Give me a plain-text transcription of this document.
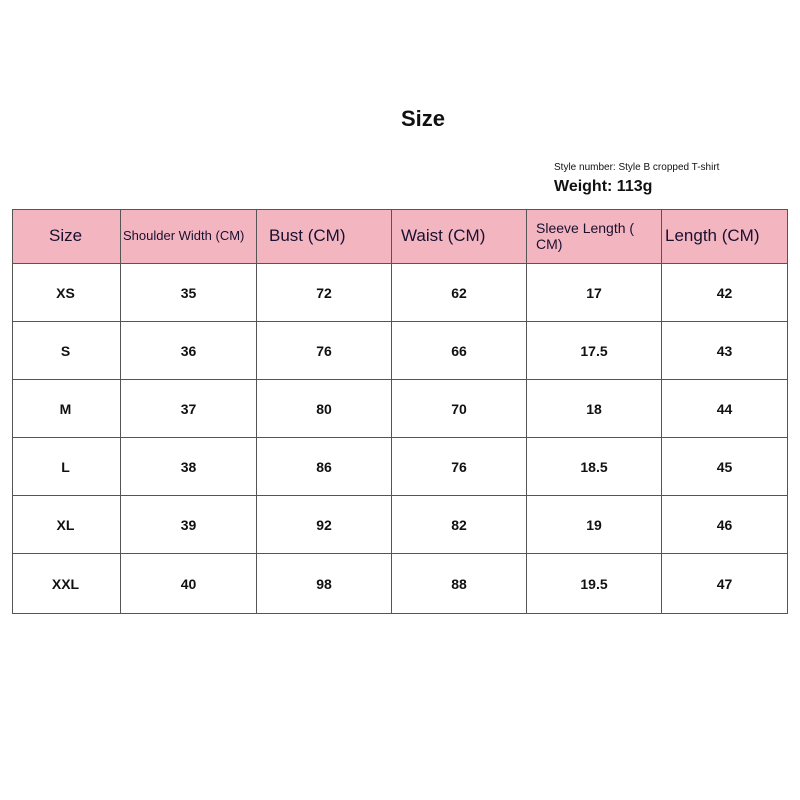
Size
Style number: Style B cropped T-shirt
Weight: 113g
Size	Shoulder Width (CM)	Bust (CM)	Waist (CM)	Sleeve Length ( CM)	Length (CM)
XS	35	72	62	17	42
S	36	76	66	17.5	43
M	37	80	70	18	44
L	38	86	76	18.5	45
XL	39	92	82	19	46
XXL	40	98	88	19.5	47
